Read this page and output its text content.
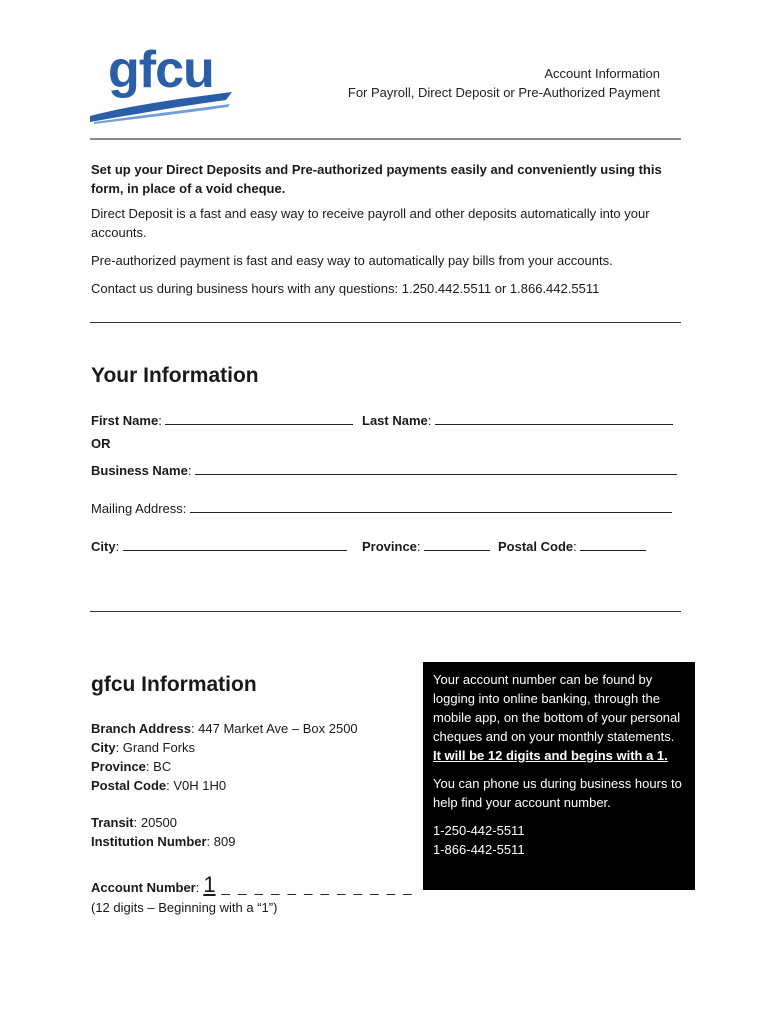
gfcu	Account Information
For Payroll, Direct Deposit or Pre-Authorized Payment

Set up your Direct Deposits and Pre-authorized payments easily and conveniently using this form, in place of a void cheque.

Direct Deposit is a fast and easy way to receive payroll and other deposits automatically into your accounts.

Pre-authorized payment is fast and easy way to automatically pay bills from your accounts.

Contact us during business hours with any questions: 1.250.442.5511 or 1.866.442.5511

Your Information
First Name:	Last Name:
OR
Business Name:
Mailing Address:
City:	Province:	Postal Code:
gfcu Information
Branch Address: 447 Market Ave – Box 2500
City: Grand Forks
Province: BC
Postal Code: V0H 1H0
Transit: 20500
Institution Number: 809
Account Number: 1 _ _ _ _ _ _ _ _ _ _ _ _
(12 digits – Beginning with a “1”)

Your account number can be found by logging into online banking, through the mobile app, on the bottom of your personal cheques and on your monthly statements. It will be 12 digits and begins with a 1.

You can phone us during business hours to help find your account number.

1-250-442-5511
1-866-442-5511
